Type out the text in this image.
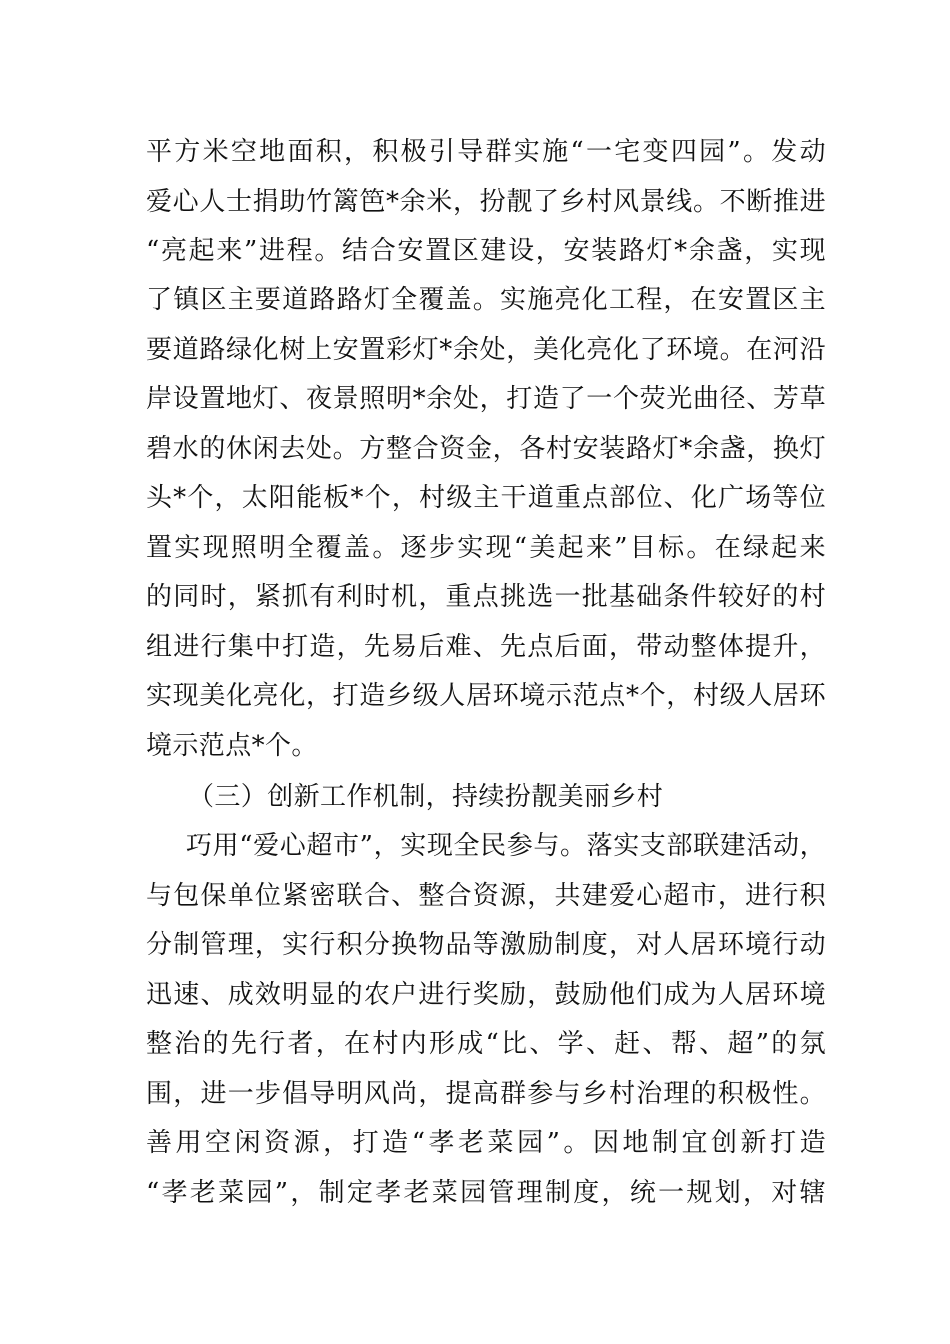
平方米空地面积，积极引导群实施“一宅变四园”。发动
爱心人士捐助竹篱笆*余米，扮靓了乡村风景线。不断推进
“亮起来”进程。结合安置区建设，安装路灯*余盏，实现
了镇区主要道路路灯全覆盖。实施亮化工程，在安置区主
要道路绿化树上安置彩灯*余处，美化亮化了环境。在河沿
岸设置地灯、夜景照明*余处，打造了一个荧光曲径、芳草
碧水的休闲去处。方整合资金，各村安装路灯*余盏，换灯
头*个，太阳能板*个，村级主干道重点部位、化广场等位
置实现照明全覆盖。逐步实现“美起来”目标。在绿起来
的同时，紧抓有利时机，重点挑选一批基础条件较好的村
组进行集中打造，先易后难、先点后面，带动整体提升，
实现美化亮化，打造乡级人居环境示范点*个，村级人居环
境示范点*个。
（三）创新工作机制，持续扮靓美丽乡村
巧用“爱心超市”，实现全民参与。落实支部联建活动，
与包保单位紧密联合、整合资源，共建爱心超市，进行积
分制管理，实行积分换物品等激励制度，对人居环境行动
迅速、成效明显的农户进行奖励，鼓励他们成为人居环境
整治的先行者，在村内形成“比、学、赶、帮、超”的氛
围，进一步倡导明风尚，提高群参与乡村治理的积极性。
善用空闲资源，打造“孝老菜园”。因地制宜创新打造
“孝老菜园”，制定孝老菜园管理制度，统一规划，对辖
